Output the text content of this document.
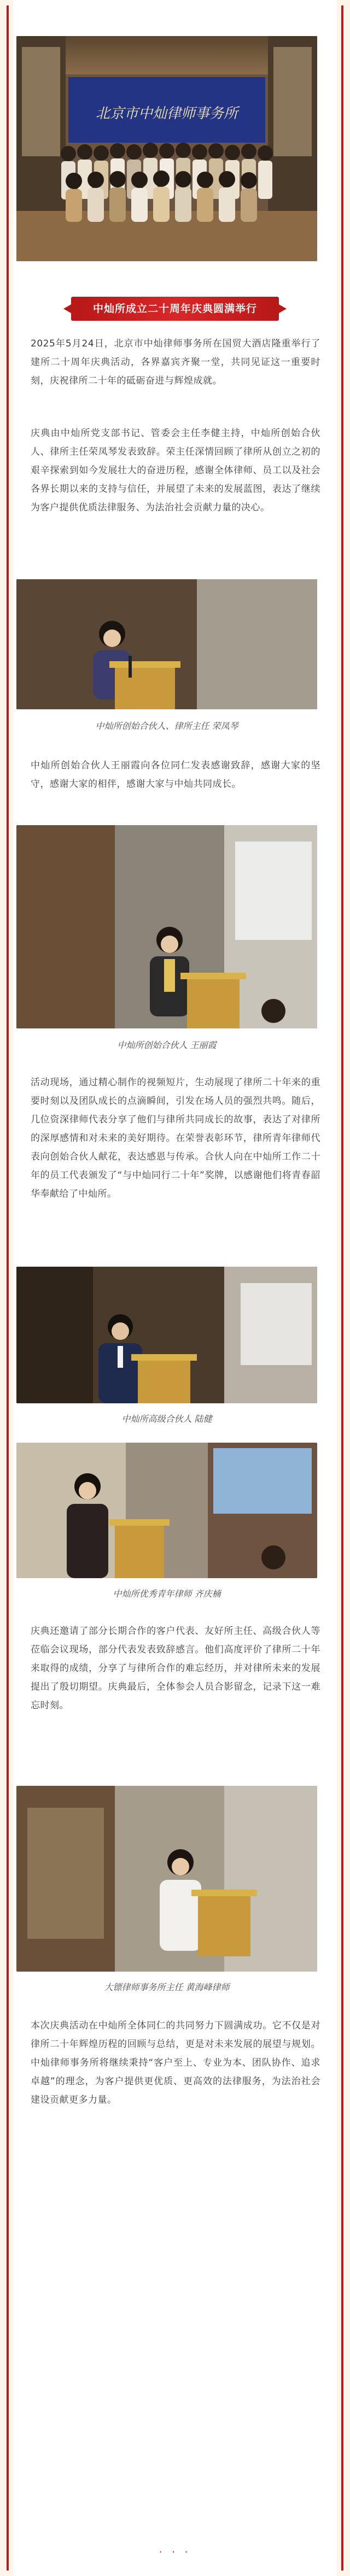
北京市中灿律师事务所
中灿所成立二十周年庆典圆满举行

2025年5月24日，北京市中灿律师事务所在国贸大酒店隆重举行了建所二十周年庆典活动，各界嘉宾齐聚一堂，共同见证这一重要时刻，庆祝律所二十年的砥砺奋进与辉煌成就。

庆典由中灿所党支部书记、管委会主任李健主持，中灿所创始合伙人、律所主任荣凤琴发表致辞。荣主任深情回顾了律所从创立之初的艰辛探索到如今发展壮大的奋进历程，感谢全体律师、员工以及社会各界长期以来的支持与信任，并展望了未来的发展蓝图，表达了继续为客户提供优质法律服务、为法治社会贡献力量的决心。

中灿所创始合伙人、律所主任 荣凤琴

中灿所创始合伙人王丽霞向各位同仁发表感谢致辞，感谢大家的坚守，感谢大家的相伴，感谢大家与中灿共同成长。

中灿所创始合伙人 王丽霞

活动现场，通过精心制作的视频短片，生动展现了律所二十年来的重要时刻以及团队成长的点滴瞬间，引发在场人员的强烈共鸣。随后，几位资深律师代表分享了他们与律所共同成长的故事，表达了对律所的深厚感情和对未来的美好期待。在荣誉表彰环节，律所青年律师代表向创始合伙人献花，表达感恩与传承。合伙人向在中灿所工作二十年的员工代表颁发了“与中灿同行二十年”奖牌，以感谢他们将青春韶华奉献给了中灿所。

中灿所高级合伙人 陆健
中灿所优秀青年律师 齐庆楠

庆典还邀请了部分长期合作的客户代表、友好所主任、高级合伙人等莅临会议现场，部分代表发表致辞感言。他们高度评价了律所二十年来取得的成绩，分享了与律所合作的难忘经历，并对律所未来的发展提出了殷切期望。庆典最后，全体参会人员合影留念，记录下这一难忘时刻。

大镖律师事务所主任 黄海峰律师

本次庆典活动在中灿所全体同仁的共同努力下圆满成功。它不仅是对律所二十年辉煌历程的回顾与总结，更是对未来发展的展望与规划。中灿律师事务所将继续秉持“客户至上、专业为本、团队协作、追求卓越”的理念，为客户提供更优质、更高效的法律服务，为法治社会建设贡献更多力量。

· · ·
